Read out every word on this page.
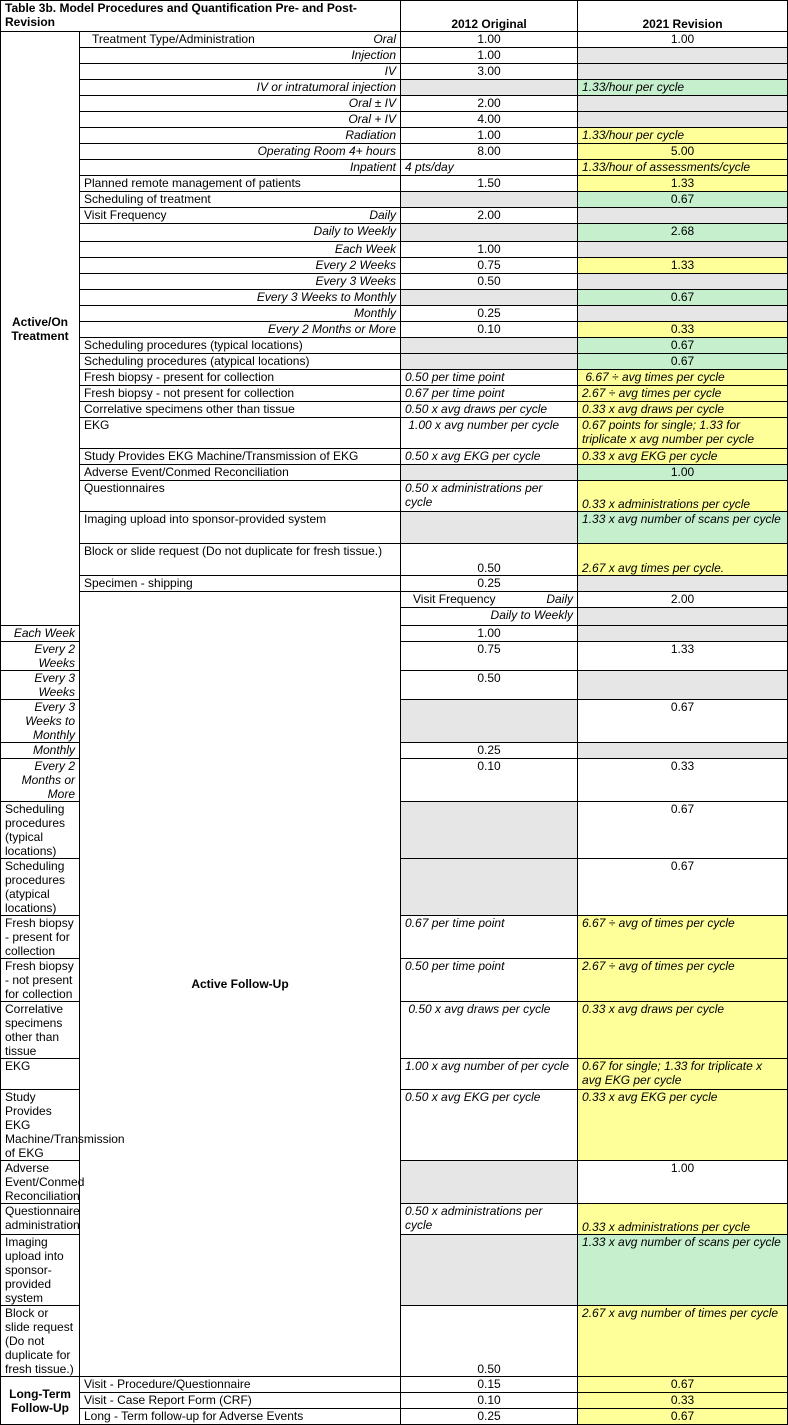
Table 3b. Model Procedures and Quantification Pre- and Post-Revision		2012 Original	2021 Revision	
Active/On Treatment	Treatment Type/Administration Oral	1.00	1.00	
	Injection	1.00		
	IV	3.00		
	IV or intratumoral injection		1.33/hour per cycle	
	Oral ± IV	2.00		
	Oral + IV	4.00		
	Radiation	1.00	1.33/hour per cycle	
	Operating Room 4+ hours	8.00	5.00	
	Inpatient	4 pts/day	1.33/hour of assessments/cycle	
	Planned remote management of patients	1.50	1.33	
	Scheduling of treatment		0.67	

	Visit Frequency Daily	2.00		
	Daily to Weekly		2.68	
	Each Week	1.00		
	Every 2 Weeks	0.75	1.33	
	Every 3 Weeks	0.50		
	Every 3 Weeks to Monthly		0.67	
	Monthly	0.25		
	Every 2 Months or More	0.10	0.33	
	Scheduling procedures (typical locations)		0.67	
	Scheduling procedures (atypical locations)		0.67	
	Fresh biopsy - present for collection	0.50 per time point	6.67 ÷ avg times per cycle	
	Fresh biopsy - not present for collection	0.67 per time point	2.67 ÷ avg times per cycle	
	Correlative specimens other than tissue	0.50 x avg draws per cycle	0.33 x avg draws per cycle	
	EKG	1.00 x avg number per cycle	0.67 points for single; 1.33 for triplicate x avg number per cycle	
	Study Provides EKG Machine/Transmission of EKG	0.50 x avg EKG per cycle	0.33 x avg EKG per cycle	
	Adverse Event/Conmed Reconciliation		1.00	
	Questionnaires	0.50 x administrations per cycle	0.33 x administrations per cycle	
	Imaging upload into sponsor-provided system		1.33 x avg number of scans per cycle	
	Block or slide request (Do not duplicate for fresh tissue.)	0.50	2.67 x avg times per cycle.	
	Specimen - shipping	0.25		
	Active Follow-Up	Visit Frequency Daily	2.00	
		Daily to Weekly		
Each Week		1.00		
Every 2 Weeks		0.75	1.33	
Every 3 Weeks		0.50		
Every 3 Weeks to Monthly			0.67	
Monthly		0.25		
Every 2 Months or More		0.10	0.33	
Scheduling procedures (typical locations)			0.67	
Scheduling procedures (atypical locations)			0.67	
Fresh biopsy - present for collection		0.67 per time point	6.67 ÷ avg of times per cycle	
Fresh biopsy - not present for collection		0.50 per time point	2.67 ÷ avg of times per cycle	
Correlative specimens other than tissue		0.50 x avg draws per cycle	0.33 x avg draws per cycle	
EKG		1.00 x avg number of per cycle	0.67 for single; 1.33 for triplicate x avg EKG per cycle	
Study Provides EKG Machine/Transmission of EKG		0.50 x avg EKG per cycle	0.33 x avg EKG per cycle	
Adverse Event/Conmed Reconciliation			1.00	
Questionnaire administration		0.50 x administrations per cycle	0.33 x administrations per cycle	
Imaging upload into sponsor-provided system			1.33 x avg number of scans per cycle	
Block or slide request (Do not duplicate for fresh tissue.)		0.50	2.67 x avg number of times per cycle	
Long-Term Follow-Up	Visit - Procedure/Questionnaire	0.15	0.67	
	Visit - Case Report Form (CRF)	0.10	0.33	
	Long - Term follow-up for Adverse Events	0.25	0.67	
